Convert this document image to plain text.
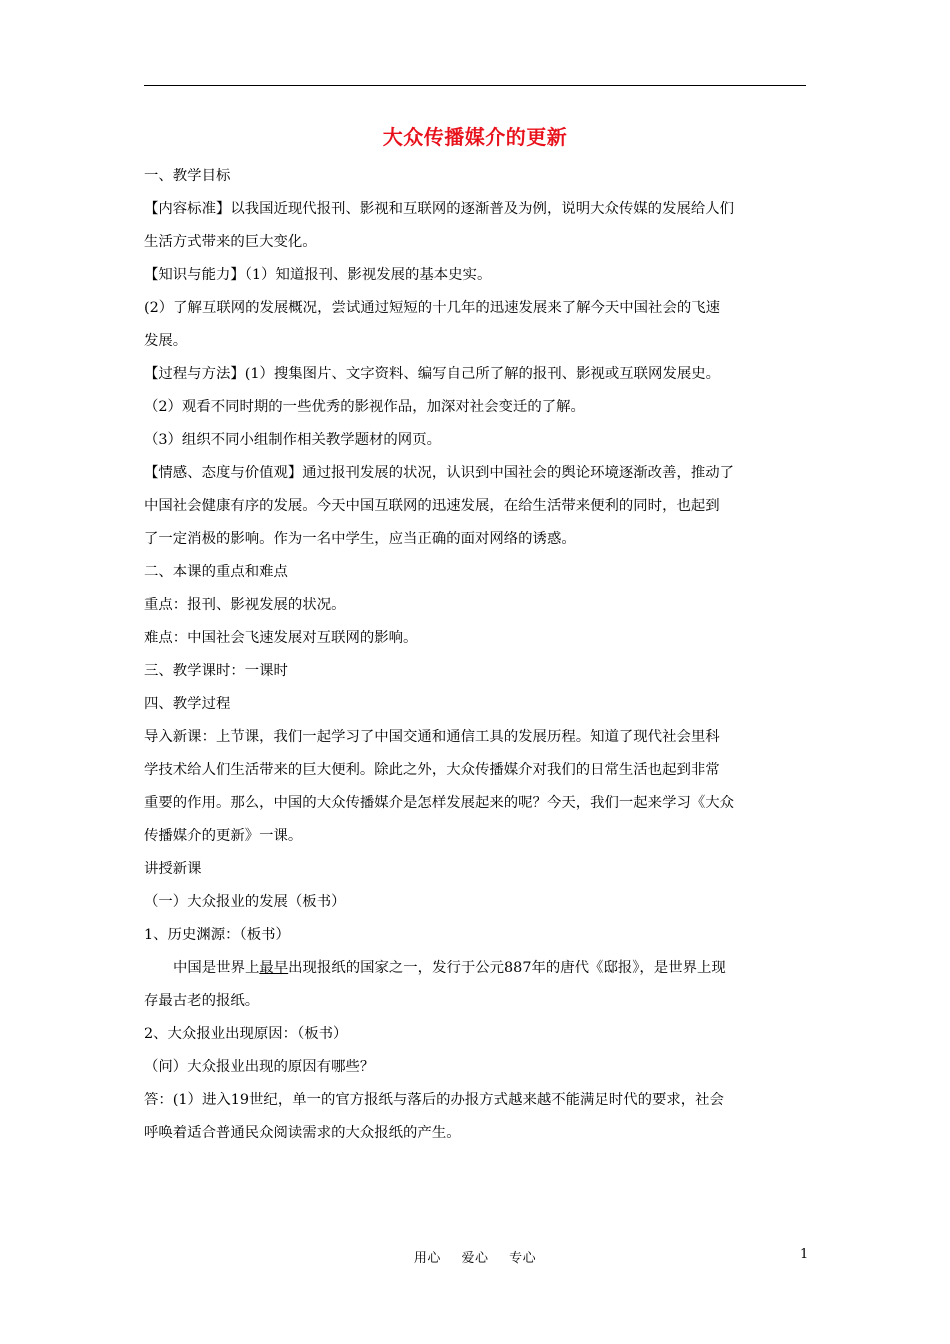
大众传播媒介的更新

一、教学目标

【内容标准】以我国近现代报刊、影视和互联网的逐渐普及为例，说明大众传媒的发展给人们

生活方式带来的巨大变化。

【知识与能力】（1）知道报刊、影视发展的基本史实。

(2）了解互联网的发展概况，尝试通过短短的十几年的迅速发展来了解今天中国社会的飞速

发展。

【过程与方法】(1）搜集图片、文字资料、编写自己所了解的报刊、影视或互联网发展史。

（2）观看不同时期的一些优秀的影视作品，加深对社会变迁的了解。

（3）组织不同小组制作相关教学题材的网页。

【情感、态度与价值观】通过报刊发展的状况，认识到中国社会的舆论环境逐渐改善，推动了

中国社会健康有序的发展。今天中国互联网的迅速发展，在给生活带来便利的同时，也起到

了一定消极的影响。作为一名中学生，应当正确的面对网络的诱惑。

二、本课的重点和难点

重点：报刊、影视发展的状况。

难点：中国社会飞速发展对互联网的影响。

三、教学课时：一课时

四、教学过程

导入新课：上节课，我们一起学习了中国交通和通信工具的发展历程。知道了现代社会里科

学技术给人们生活带来的巨大便利。除此之外，大众传播媒介对我们的日常生活也起到非常

重要的作用。那么，中国的大众传播媒介是怎样发展起来的呢？今天，我们一起来学习《大众

传播媒介的更新》一课。

讲授新课

（一）大众报业的发展（板书）

1、历史渊源：（板书）

中国是世界上最早出现报纸的国家之一，发行于公元887年的唐代《邸报》，是世界上现

存最古老的报纸。

2、大众报业出现原因：（板书）

（问）大众报业出现的原因有哪些？

答：(1）进入19世纪，单一的官方报纸与落后的办报方式越来越不能满足时代的要求，社会

呼唤着适合普通民众阅读需求的大众报纸的产生。

用心 爱心 专心	1
